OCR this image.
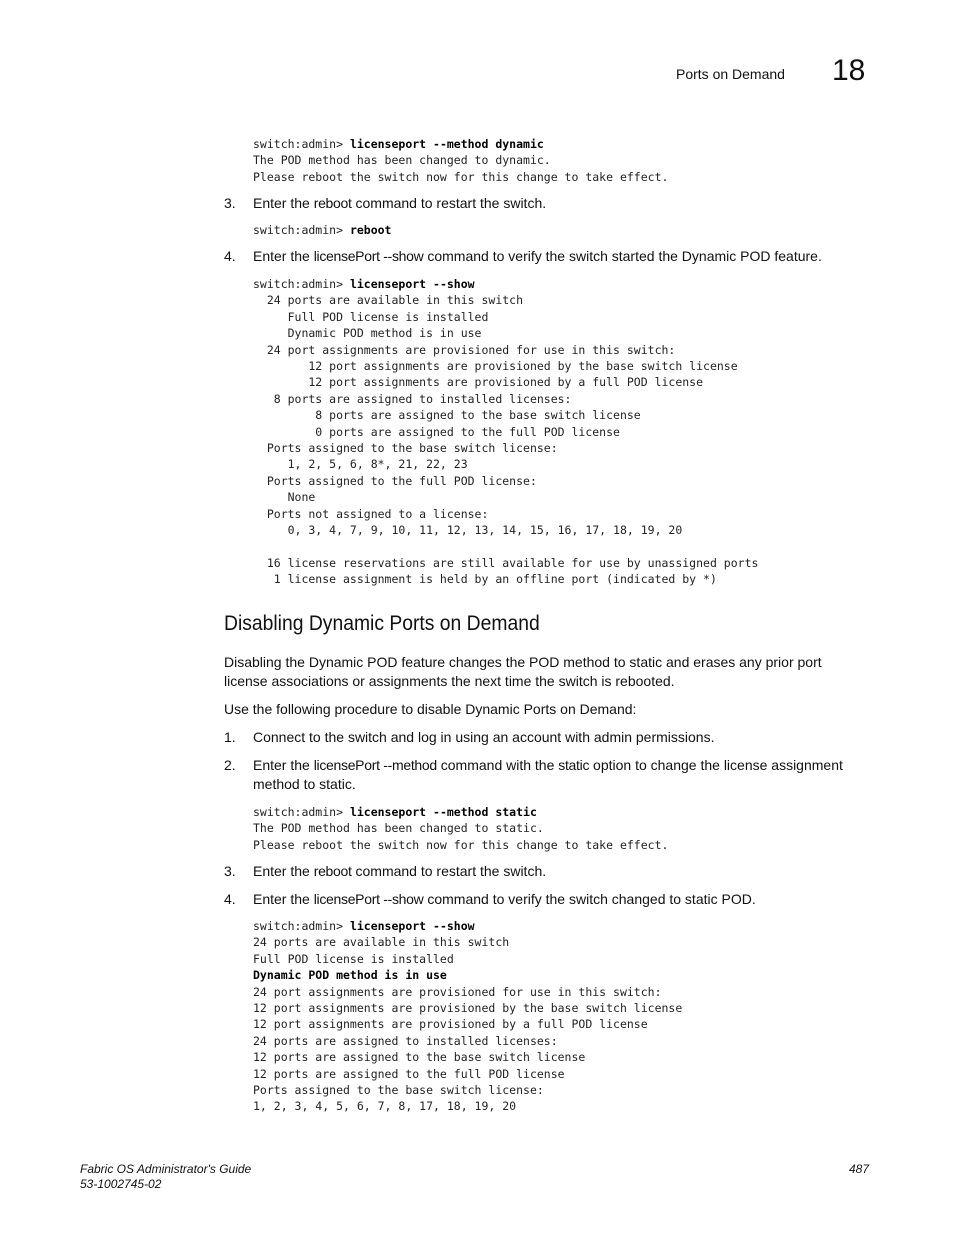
Ports on Demand 18
switch:admin> licenseport --method dynamic
The POD method has been changed to dynamic.
Please reboot the switch now for this change to take effect.
3. Enter the reboot command to restart the switch.
switch:admin> reboot
4. Enter the licensePort --show command to verify the switch started the Dynamic POD feature.
switch:admin> licenseport --show
24 ports are available in this switch
Full POD license is installed
Dynamic POD method is in use
24 port assignments are provisioned for use in this switch:
12 port assignments are provisioned by the base switch license
12 port assignments are provisioned by a full POD license
8 ports are assigned to installed licenses:
8 ports are assigned to the base switch license
0 ports are assigned to the full POD license
Ports assigned to the base switch license:
1, 2, 5, 6, 8*, 21, 22, 23
Ports assigned to the full POD license:
None
Ports not assigned to a license:
0, 3, 4, 7, 9, 10, 11, 12, 13, 14, 15, 16, 17, 18, 19, 20

16 license reservations are still available for use by unassigned ports
1 license assignment is held by an offline port (indicated by *)
Disabling Dynamic Ports on Demand
Disabling the Dynamic POD feature changes the POD method to static and erases any prior port license associations or assignments the next time the switch is rebooted.
Use the following procedure to disable Dynamic Ports on Demand:
1. Connect to the switch and log in using an account with admin permissions.
2. Enter the licensePort --method command with the static option to change the license assignment method to static.
switch:admin> licenseport --method static
The POD method has been changed to static.
Please reboot the switch now for this change to take effect.
3. Enter the reboot command to restart the switch.
4. Enter the licensePort --show command to verify the switch changed to static POD.
switch:admin> licenseport --show
24 ports are available in this switch
Full POD license is installed
Dynamic POD method is in use
24 port assignments are provisioned for use in this switch:
12 port assignments are provisioned by the base switch license
12 port assignments are provisioned by a full POD license
24 ports are assigned to installed licenses:
12 ports are assigned to the base switch license
12 ports are assigned to the full POD license
Ports assigned to the base switch license:
1, 2, 3, 4, 5, 6, 7, 8, 17, 18, 19, 20
Fabric OS Administrator's Guide
53-1002745-02
487
